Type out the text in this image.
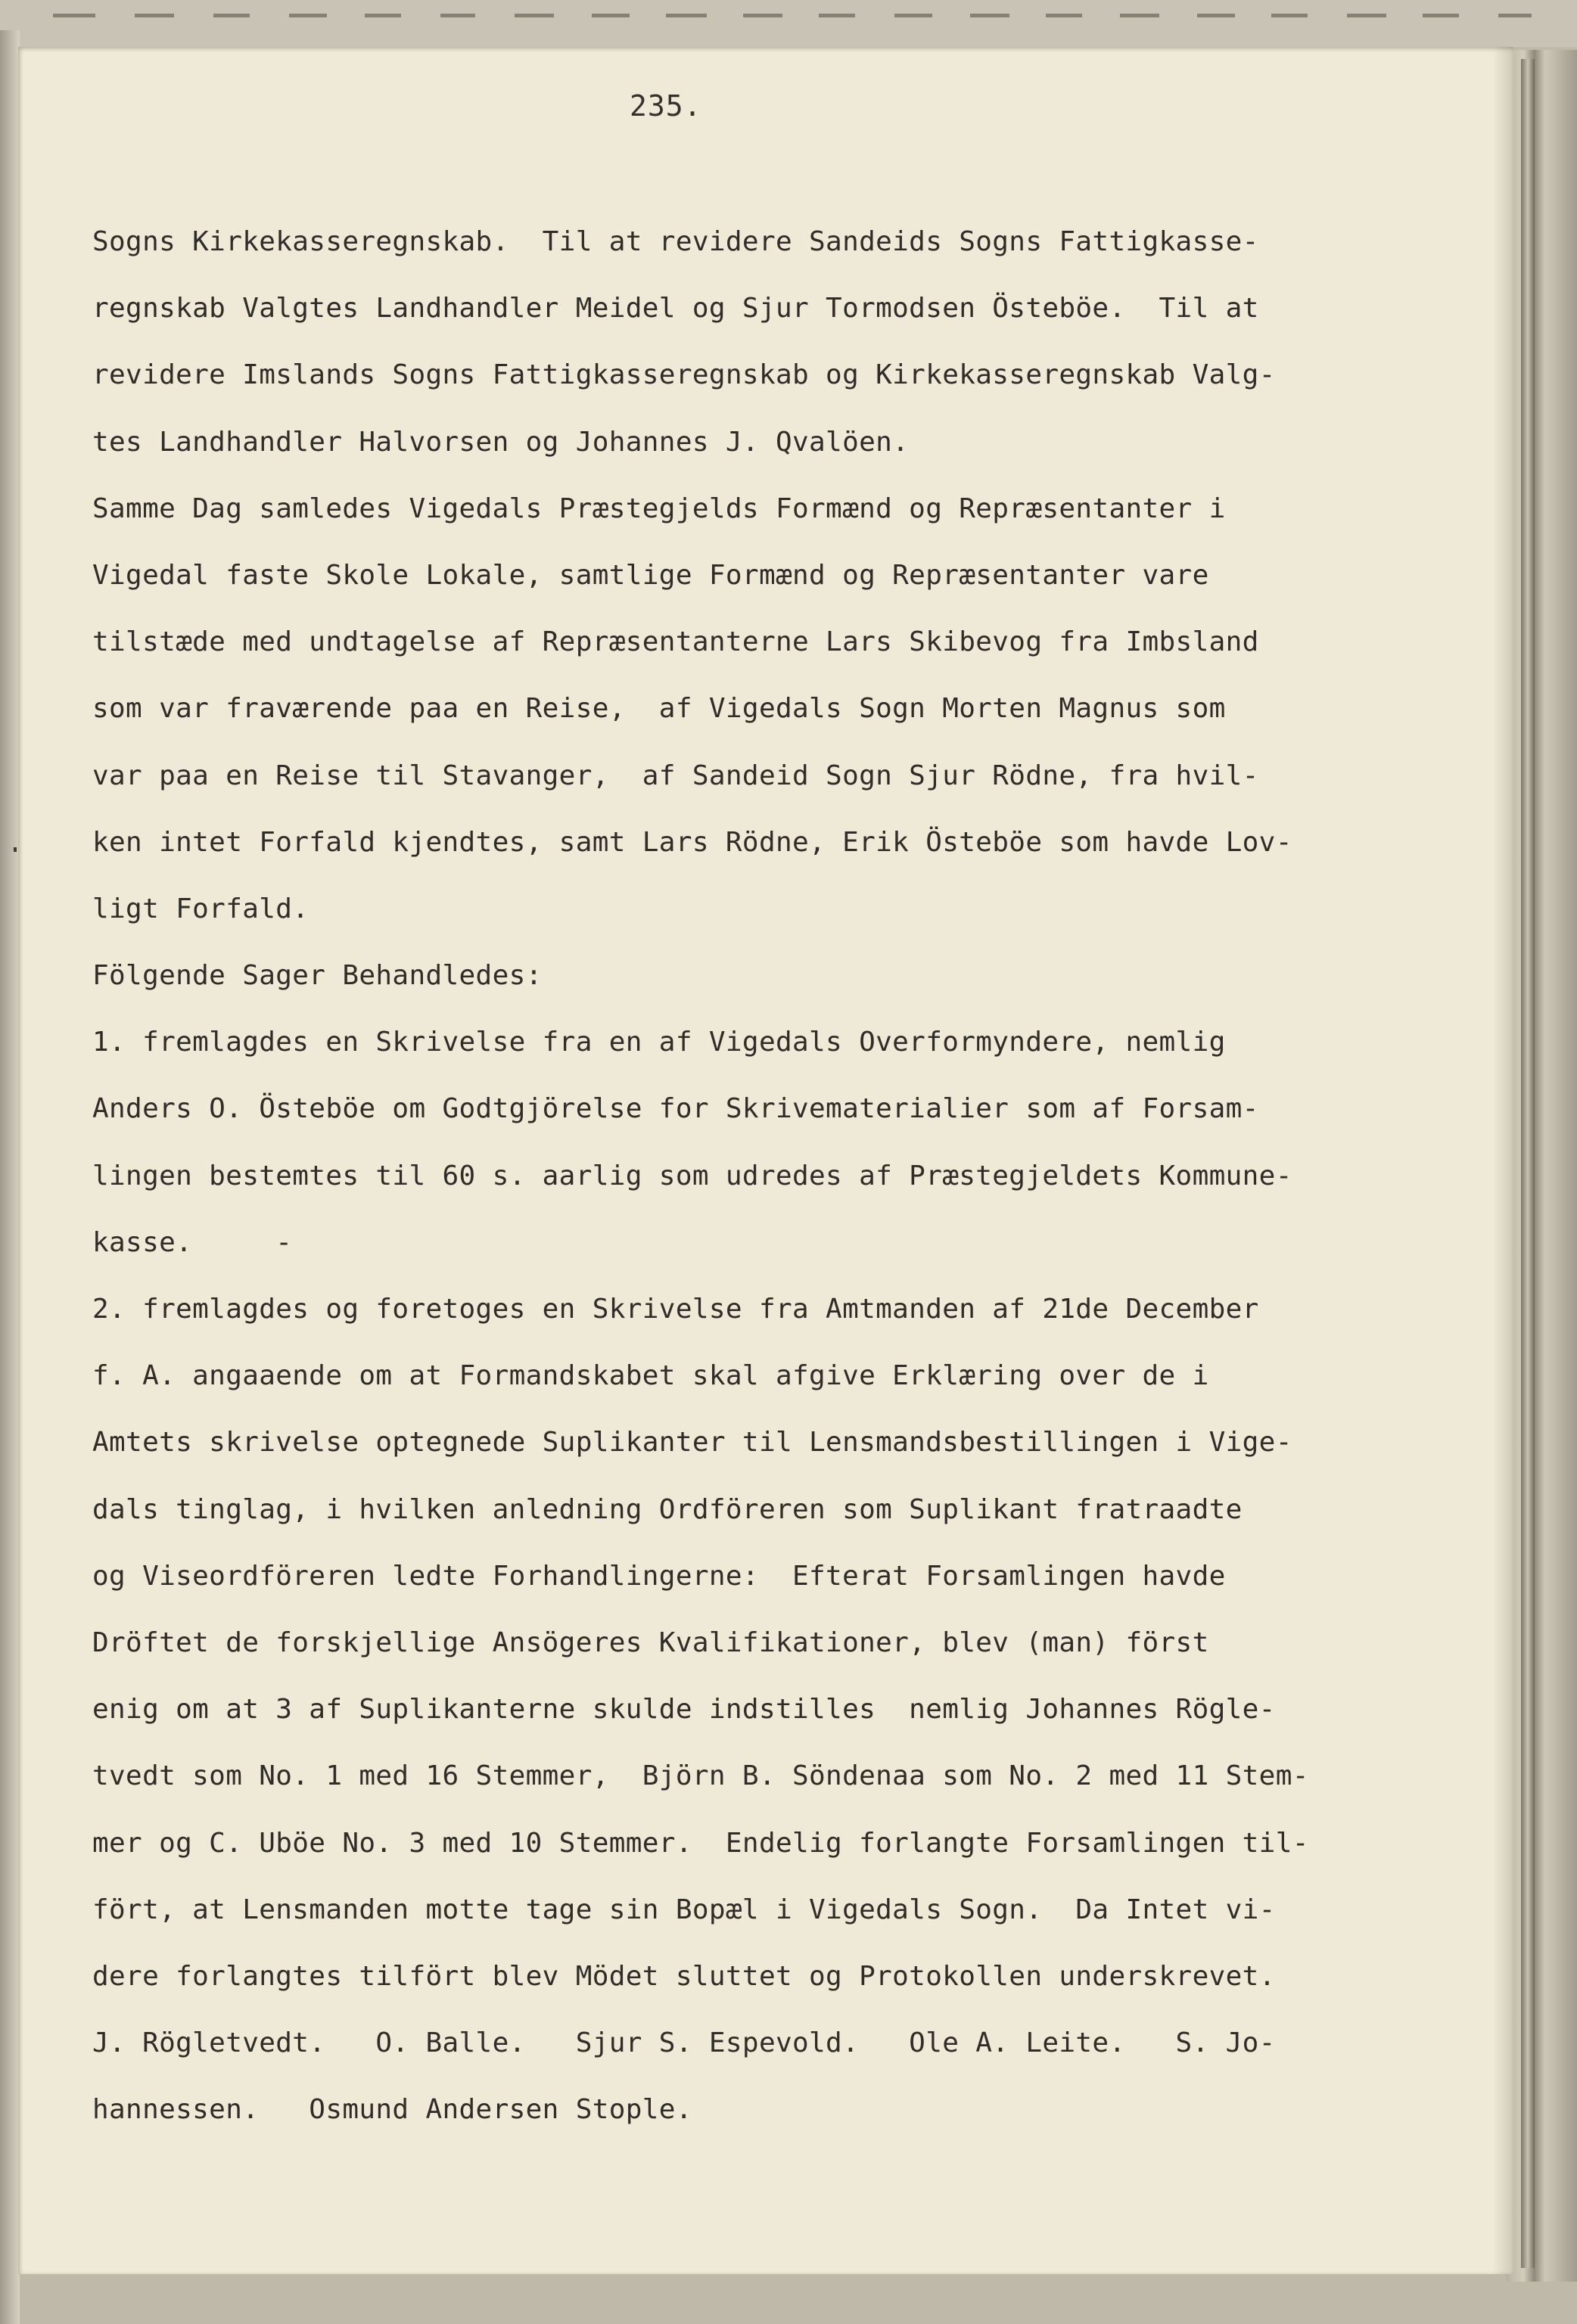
235.
Sogns Kirkekasseregnskab.  Til at revidere Sandeids Sogns Fattigkasse-
regnskab Valgtes Landhandler Meidel og Sjur Tormodsen Östeböe.  Til at
revidere Imslands Sogns Fattigkasseregnskab og Kirkekasseregnskab Valg-
tes Landhandler Halvorsen og Johannes J. Qvalöen.
Samme Dag samledes Vigedals Præstegjelds Formænd og Repræsentanter i
Vigedal faste Skole Lokale, samtlige Formænd og Repræsentanter vare
tilstæde med undtagelse af Repræsentanterne Lars Skibevog fra Imbsland
som var fraværende paa en Reise,  af Vigedals Sogn Morten Magnus som
var paa en Reise til Stavanger,  af Sandeid Sogn Sjur Rödne, fra hvil-
ken intet Forfald kjendtes, samt Lars Rödne, Erik Östeböe som havde Lov-
ligt Forfald.
Fölgende Sager Behandledes:
1. fremlagdes en Skrivelse fra en af Vigedals Overformyndere, nemlig
Anders O. Östeböe om Godtgjörelse for Skrivematerialier som af Forsam-
lingen bestemtes til 60 s. aarlig som udredes af Præstegjeldets Kommune-
kasse.     -
2. fremlagdes og foretoges en Skrivelse fra Amtmanden af 21de December
f. A. angaaende om at Formandskabet skal afgive Erklæring over de i
Amtets skrivelse optegnede Suplikanter til Lensmandsbestillingen i Vige-
dals tinglag, i hvilken anledning Ordföreren som Suplikant fratraadte
og Viseordföreren ledte Forhandlingerne:  Efterat Forsamlingen havde
Dröftet de forskjellige Ansögeres Kvalifikationer, blev (man) först
enig om at 3 af Suplikanterne skulde indstilles  nemlig Johannes Rögle-
tvedt som No. 1 med 16 Stemmer,  Björn B. Söndenaa som No. 2 med 11 Stem-
mer og C. Uböe No. 3 med 10 Stemmer.  Endelig forlangte Forsamlingen til-
fört, at Lensmanden motte tage sin Bopæl i Vigedals Sogn.  Da Intet vi-
dere forlangtes tilfört blev Mödet sluttet og Protokollen underskrevet.
J. Rögletvedt.   O. Balle.   Sjur S. Espevold.   Ole A. Leite.   S. Jo-
hannessen.   Osmund Andersen Stople.
